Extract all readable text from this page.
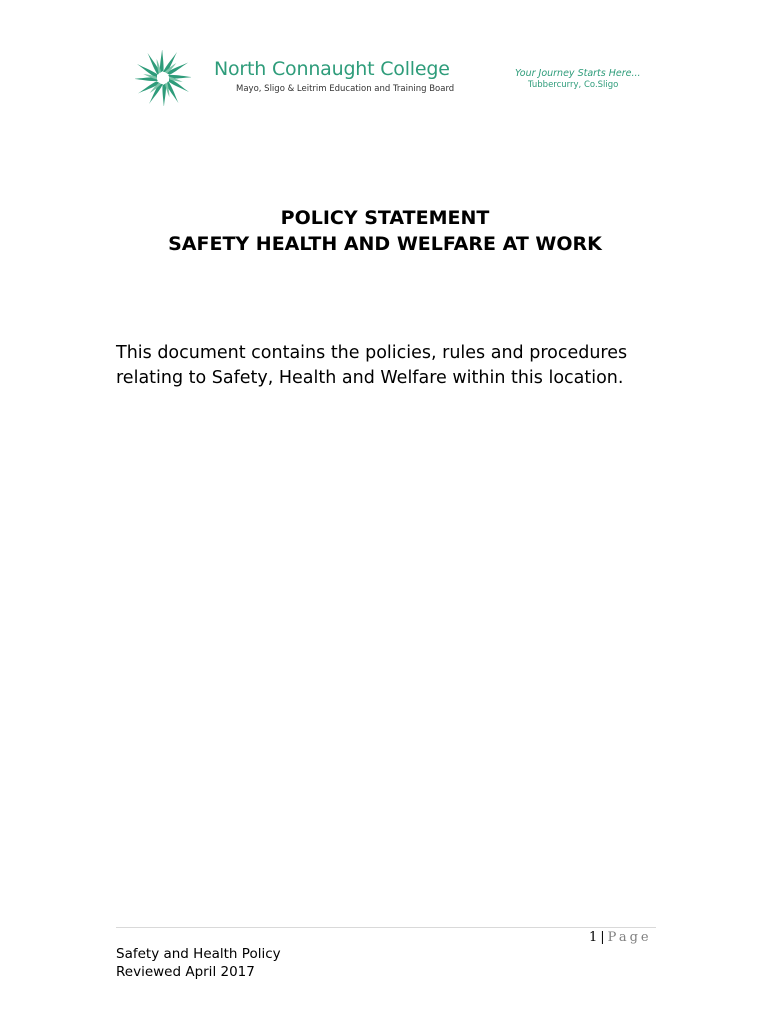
North Connaught College
Mayo, Sligo & Leitrim Education and Training Board
Your Journey Starts Here...
Tubbercurry, Co.Sligo
POLICY STATEMENT
SAFETY HEALTH AND WELFARE AT WORK
This document contains the policies, rules and procedures relating to Safety, Health and Welfare within this location.
1 | Page
Safety and Health Policy
Reviewed April 2017
